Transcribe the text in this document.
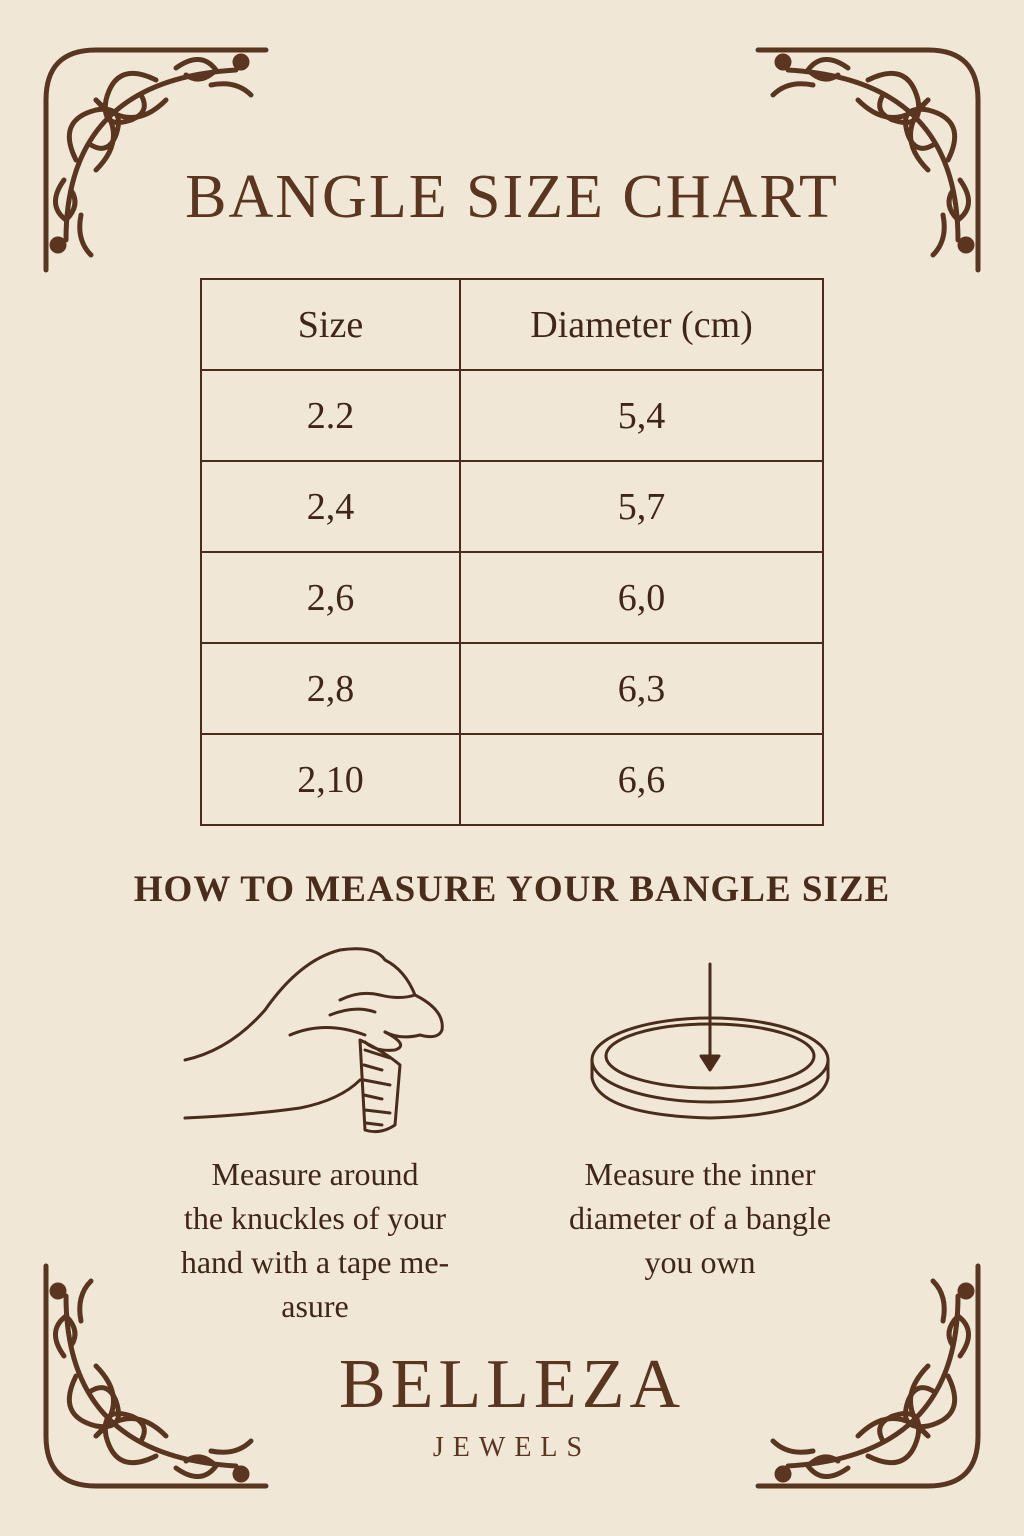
BANGLE SIZE CHART
Size	Diameter (cm)
2.2	5,4
2,4	5,7
2,6	6,0
2,8	6,3
2,10	6,6
HOW TO MEASURE YOUR BANGLE SIZE
Measure around
the knuckles of your
hand with a tape me-
asure
Measure the inner
diameter of a bangle
you own
BELLEZA
JEWELS
